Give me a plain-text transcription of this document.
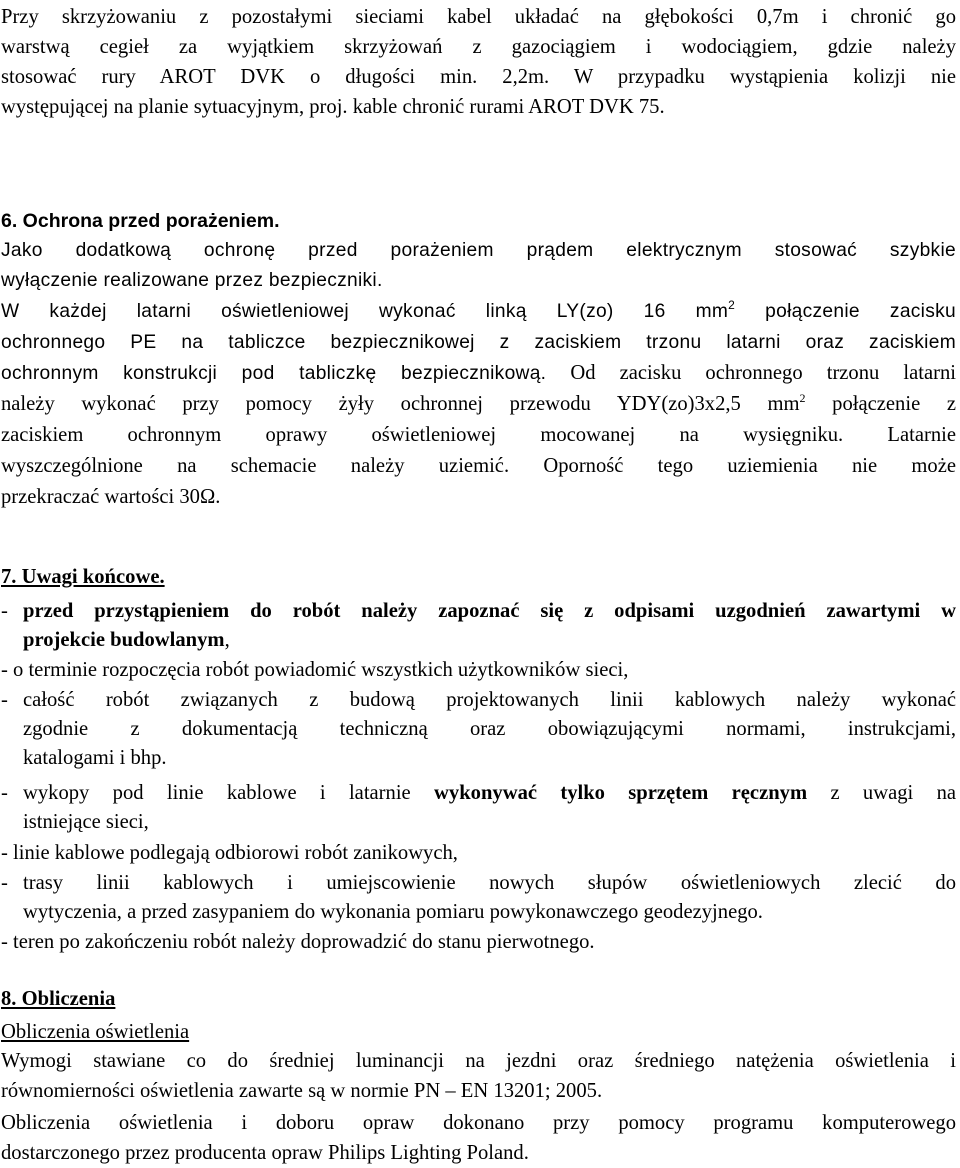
Przy skrzyżowaniu z pozostałymi sieciami kabel układać na głębokości 0,7m i chronić go
warstwą cegieł za wyjątkiem skrzyżowań z gazociągiem i wodociągiem, gdzie należy
stosować rury AROT DVK o długości min. 2,2m. W przypadku wystąpienia kolizji nie
występującej na planie sytuacyjnym, proj. kable chronić rurami AROT DVK 75.
6. Ochrona przed porażeniem.
Jako dodatkową ochronę przed porażeniem prądem elektrycznym stosować szybkie
wyłączenie realizowane przez bezpieczniki.
W każdej latarni oświetleniowej wykonać linką LY(zo) 16 $mm^2$ połączenie zacisku
ochronnego PE na tabliczce bezpiecznikowej z zaciskiem trzonu latarni oraz zaciskiem
ochronnym konstrukcji pod tabliczkę bezpiecznikową. Od zacisku ochronnego trzonu latarni
należy wykonać przy pomocy żyły ochronnej przewodu YDY(zo)3x2,5 $mm^2$ połączenie z
zaciskiem ochronnym oprawy oświetleniowej mocowanej na wysięgniku. Latarnie
wyszczególnione na schemacie należy uziemić. Oporność tego uziemienia nie może
przekraczać wartości 30Ω.
7. Uwagi końcowe.
- przed przystąpieniem do robót należy zapoznać się z odpisami uzgodnień zawartymi w
projekcie budowlanym,
- o terminie rozpoczęcia robót powiadomić wszystkich użytkowników sieci,
- całość robót związanych z budową projektowanych linii kablowych należy wykonać
zgodnie z dokumentacją techniczną oraz obowiązującymi normami, instrukcjami,
katalogami i bhp.
- wykopy pod linie kablowe i latarnie wykonywać tylko sprzętem ręcznym z uwagi na
istniejące sieci,
- linie kablowe podlegają odbiorowi robót zanikowych,
- trasy linii kablowych i umiejscowienie nowych słupów oświetleniowych zlecić do
wytyczenia, a przed zasypaniem do wykonania pomiaru powykonawczego geodezyjnego.
- teren po zakończeniu robót należy doprowadzić do stanu pierwotnego.
8. Obliczenia
Obliczenia oświetlenia
Wymogi stawiane co do średniej luminancji na jezdni oraz średniego natężenia oświetlenia i
równomierności oświetlenia zawarte są w normie PN – EN 13201; 2005.
Obliczenia oświetlenia i doboru opraw dokonano przy pomocy programu komputerowego
dostarczonego przez producenta opraw Philips Lighting Poland.
